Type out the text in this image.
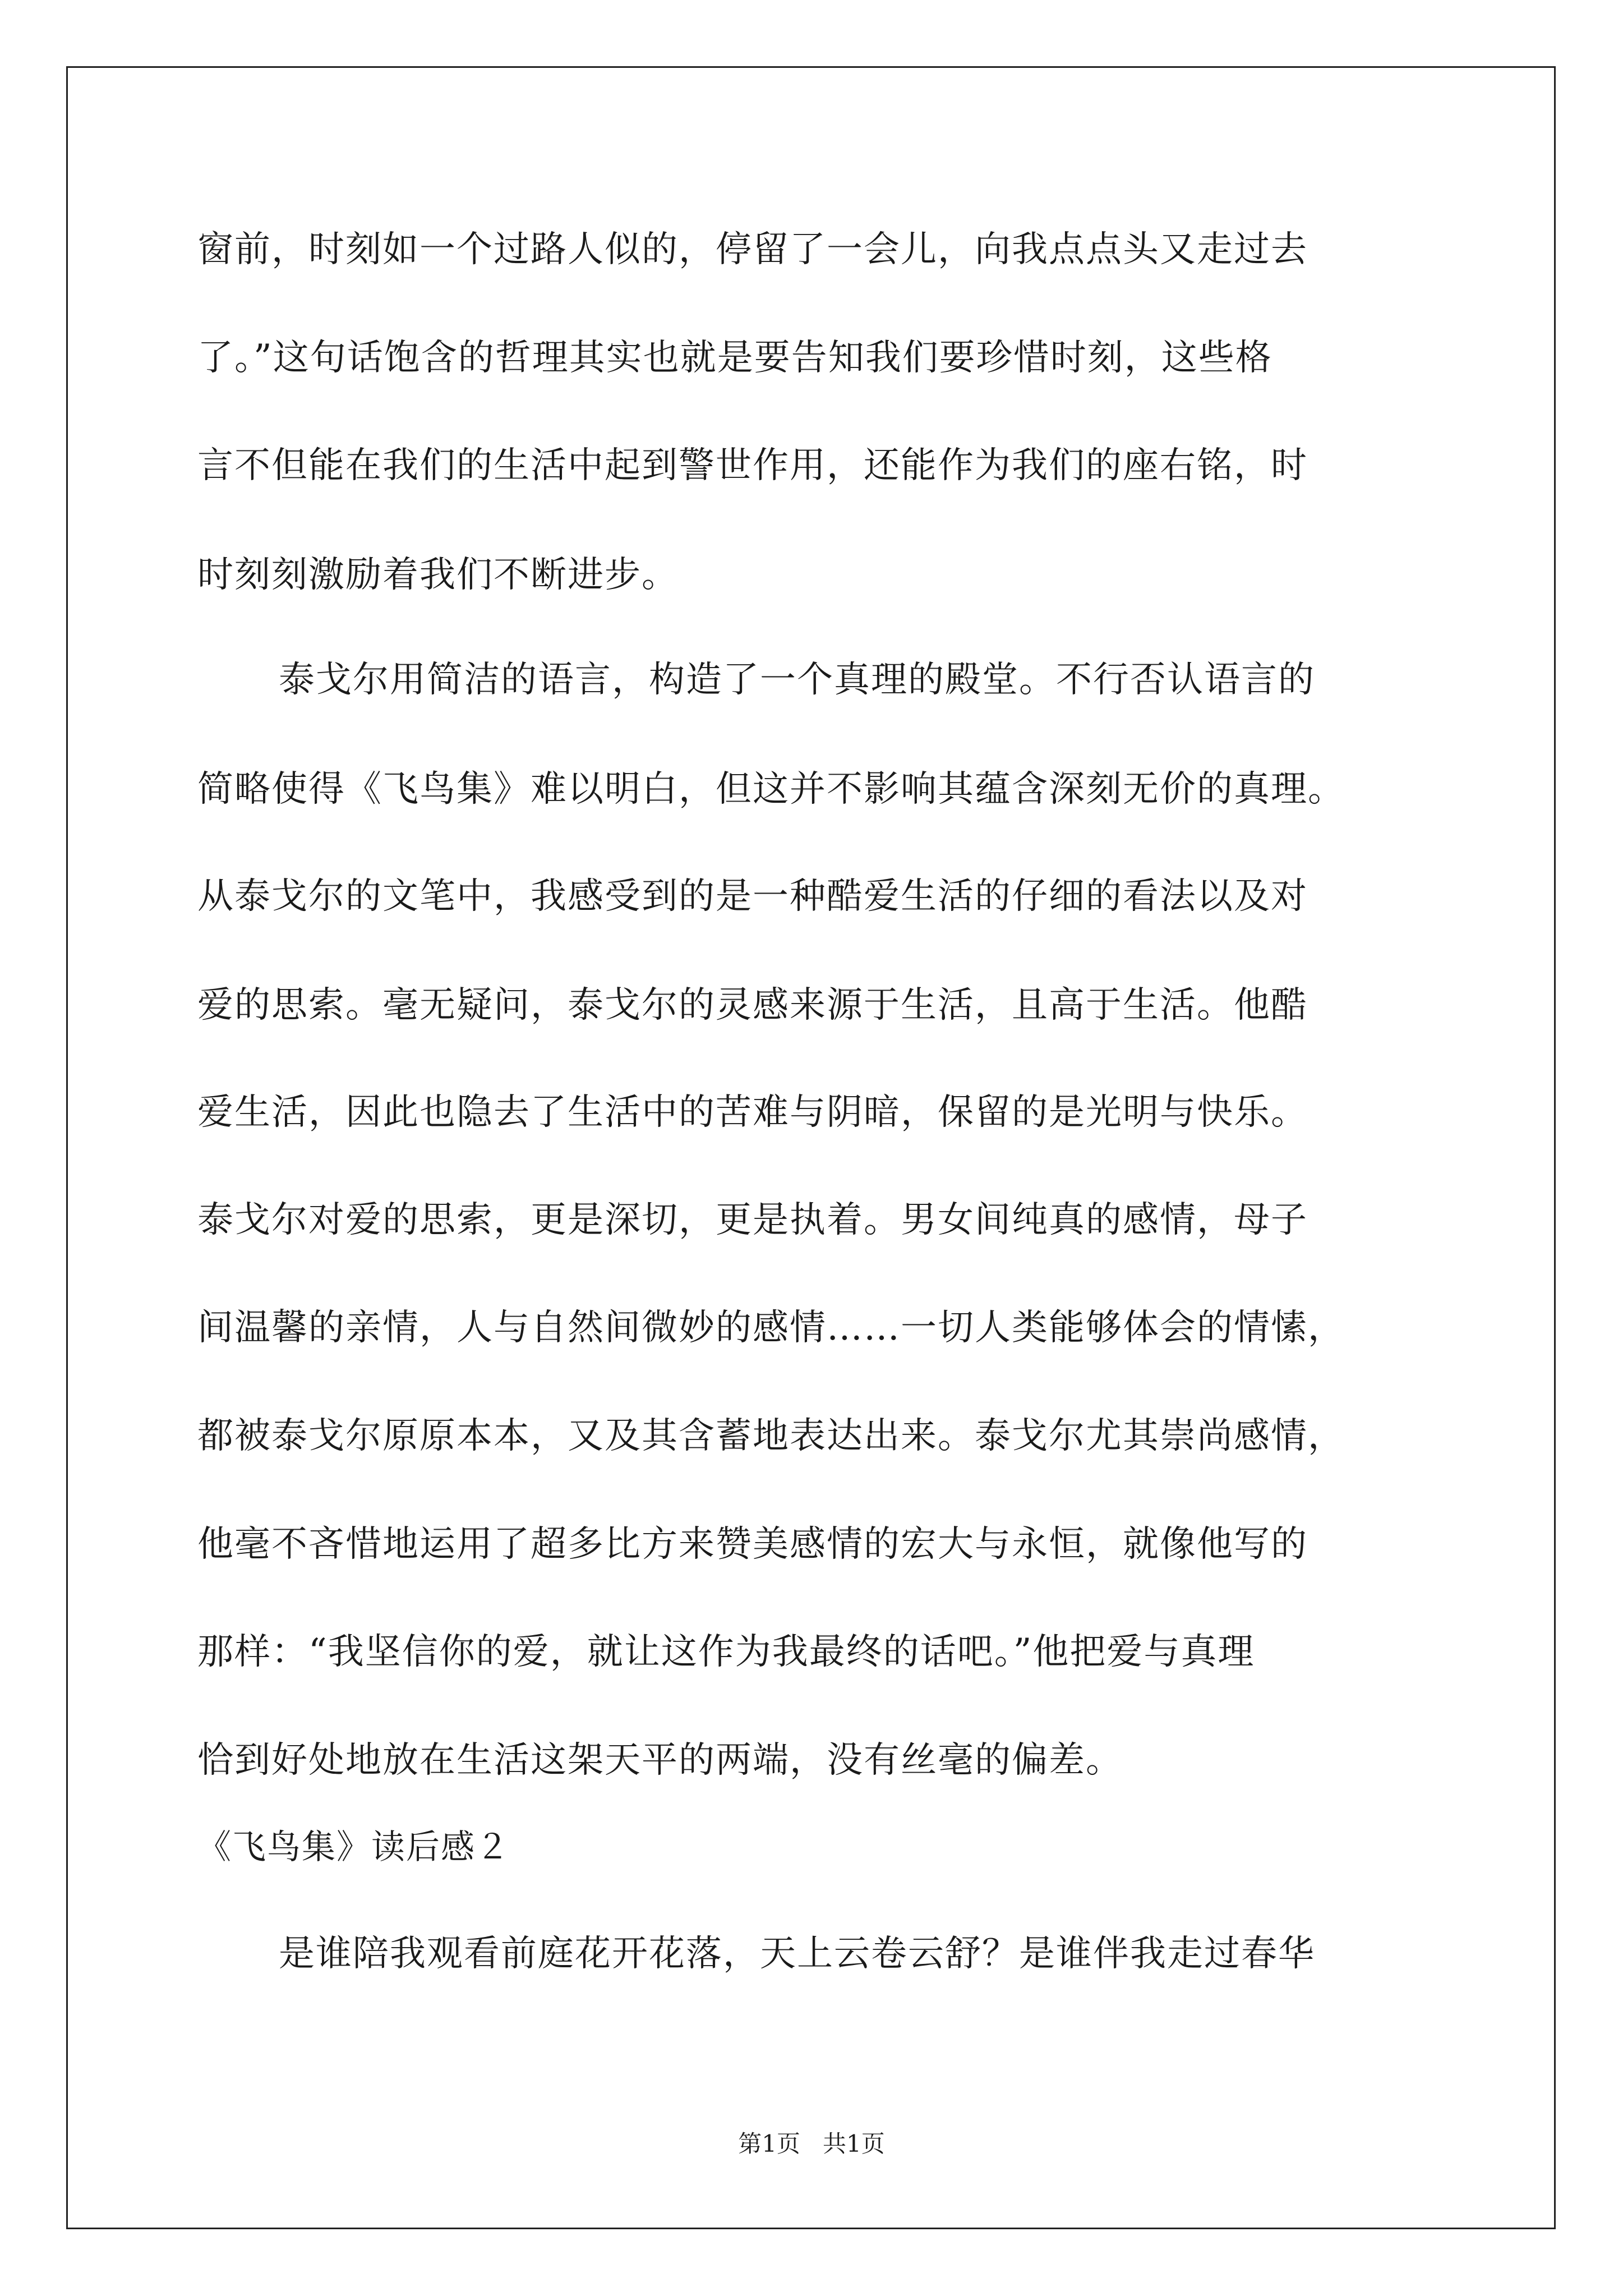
窗前，时刻如一个过路人似的，停留了一会儿，向我点点头又走过去
了。”这句话饱含的哲理其实也就是要告知我们要珍惜时刻，这些格
言不但能在我们的生活中起到警世作用，还能作为我们的座右铭，时
时刻刻激励着我们不断进步。
泰戈尔用简洁的语言，构造了一个真理的殿堂。不行否认语言的
简略使得《飞鸟集》难以明白，但这并不影响其蕴含深刻无价的真理。
从泰戈尔的文笔中，我感受到的是一种酷爱生活的仔细的看法以及对
爱的思索。毫无疑问，泰戈尔的灵感来源于生活，且高于生活。他酷
爱生活，因此也隐去了生活中的苦难与阴暗，保留的是光明与快乐。
泰戈尔对爱的思索，更是深切，更是执着。男女间纯真的感情，母子
间温馨的亲情，人与自然间微妙的感情……一切人类能够体会的情愫，
都被泰戈尔原原本本，又及其含蓄地表达出来。泰戈尔尤其崇尚感情，
他毫不吝惜地运用了超多比方来赞美感情的宏大与永恒，就像他写的
那样：“我坚信你的爱，就让这作为我最终的话吧。”他把爱与真理
恰到好处地放在生活这架天平的两端，没有丝毫的偏差。
《飞鸟集》读后感２
是谁陪我观看前庭花开花落，天上云卷云舒？是谁伴我走过春华
第1页   共1页
